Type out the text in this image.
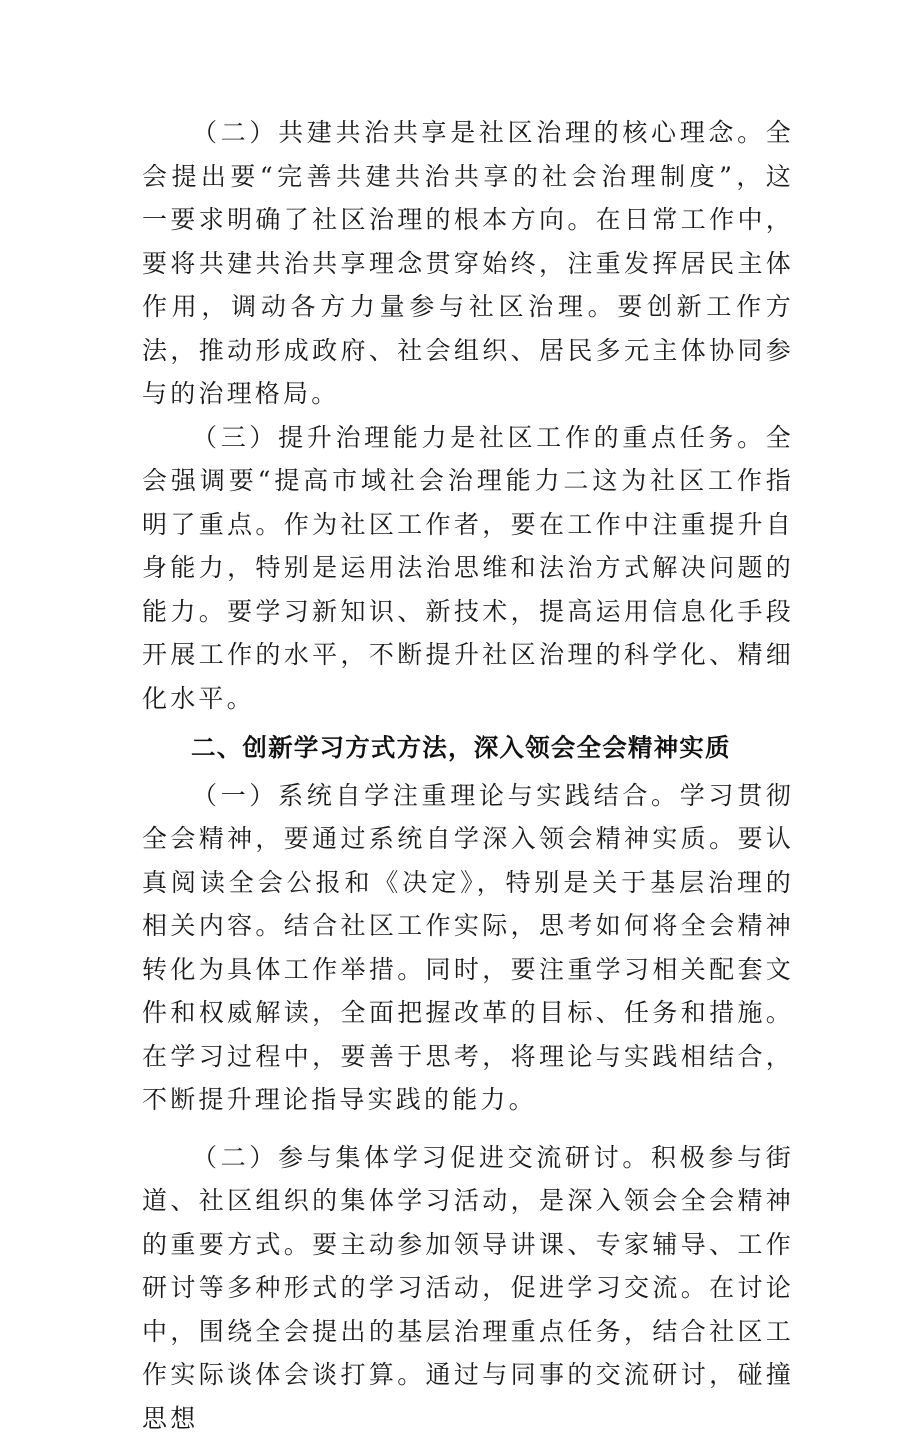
（二）共建共治共享是社区治理的核心理念。全会提出要“完善共建共治共享的社会治理制度”，这一要求明确了社区治理的根本方向。在日常工作中，要将共建共治共享理念贯穿始终，注重发挥居民主体作用，调动各方力量参与社区治理。要创新工作方法，推动形成政府、社会组织、居民多元主体协同参与的治理格局。

（三）提升治理能力是社区工作的重点任务。全会强调要“提高市域社会治理能力二这为社区工作指明了重点。作为社区工作者，要在工作中注重提升自身能力，特别是运用法治思维和法治方式解决问题的能力。要学习新知识、新技术，提高运用信息化手段开展工作的水平，不断提升社区治理的科学化、精细化水平。

二、创新学习方式方法，深入领会全会精神实质

（一）系统自学注重理论与实践结合。学习贯彻全会精神，要通过系统自学深入领会精神实质。要认真阅读全会公报和《决定》，特别是关于基层治理的相关内容。结合社区工作实际，思考如何将全会精神转化为具体工作举措。同时，要注重学习相关配套文件和权威解读，全面把握改革的目标、任务和措施。在学习过程中，要善于思考，将理论与实践相结合，不断提升理论指导实践的能力。

（二）参与集体学习促进交流研讨。积极参与街道、社区组织的集体学习活动，是深入领会全会精神的重要方式。要主动参加领导讲课、专家辅导、工作研讨等多种形式的学习活动，促进学习交流。在讨论中，围绕全会提出的基层治理重点任务，结合社区工作实际谈体会谈打算。通过与同事的交流研讨，碰撞思想
